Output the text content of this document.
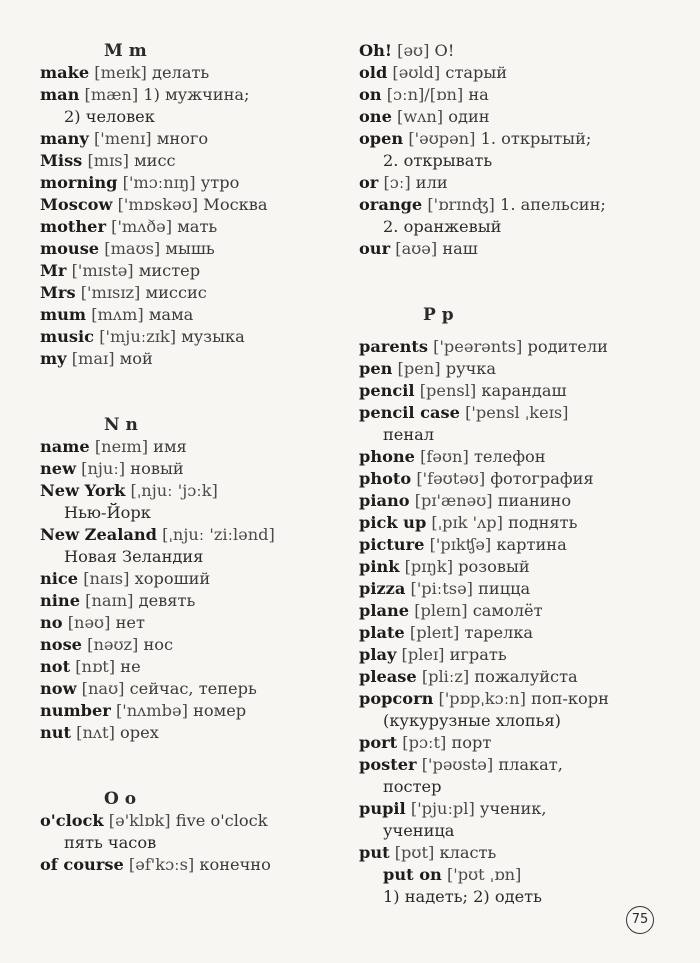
M m
make [meɪk] делать
man [mæn] 1) мужчина;
2) человек
many ['menɪ] много
Miss [mɪs] мисс
morning ['mɔːnɪŋ] утро
Moscow ['mɒskəʊ] Москва
mother ['mʌðə] мать
mouse [maʊs] мышь
Mr ['mɪstə] мистер
Mrs ['mɪsɪz] миссис
mum [mʌm] мама
music ['mjuːzɪk] музыка
my [maɪ] мой
N n
name [neɪm] имя
new [njuː] новый
New York [ˌnjuː 'jɔːk]
Нью-Йорк
New Zealand [ˌnjuː 'ziːlənd]
Новая Зеландия
nice [naɪs] хороший
nine [naɪn] девять
no [nəʊ] нет
nose [nəʊz] нос
not [nɒt] не
now [naʊ] сейчас, теперь
number ['nʌmbə] номер
nut [nʌt] орех
O o
o'clock [ə'klɒk] five o'clock
пять часов
of course [əf'kɔːs] конечно
Oh! [əʊ] О!
old [əʊld] старый
on [ɔːn]/[ɒn] на
one [wʌn] один
open ['əʊpən] 1. открытый;
2. открывать
or [ɔː] или
orange ['ɒrɪnʤ] 1. апельсин;
2. оранжевый
our [aʊə] наш
P p
parents ['peərənts] родители
pen [pen] ручка
pencil [pensl] карандаш
pencil case ['pensl ˌkeɪs]
пенал
phone [fəʊn] телефон
photo ['fəʊtəʊ] фотография
piano [pɪ'ænəʊ] пианино
pick up [ˌpɪk 'ʌp] поднять
picture ['pɪkʧə] картина
pink [pɪŋk] розовый
pizza ['piːtsə] пицца
plane [pleɪn] самолёт
plate [pleɪt] тарелка
play [pleɪ] играть
please [pliːz] пожалуйста
popcorn ['pɒpˌkɔːn] поп-корн
(кукурузные хлопья)
port [pɔːt] порт
poster ['pəʊstə] плакат,
постер
pupil ['pjuːpl] ученик,
ученица
put [pʊt] класть
put on ['pʊt ˌɒn]
1) надеть; 2) одеть
75
